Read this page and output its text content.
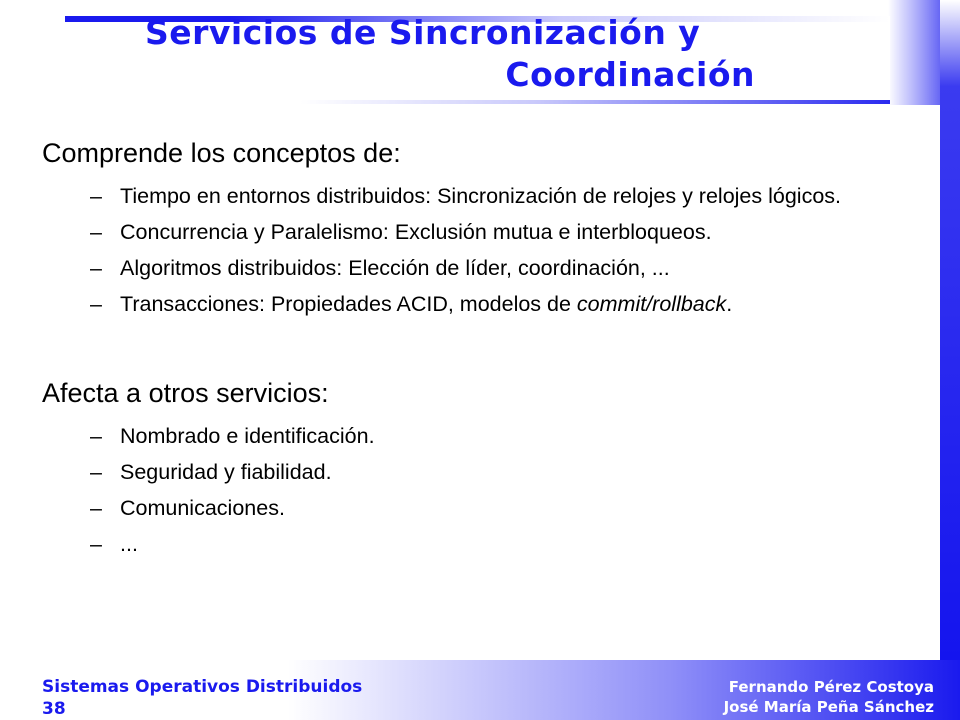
Servicios de Sincronización y
Coordinación

Comprende los conceptos de:

– Tiempo en entornos distribuidos: Sincronización de relojes y relojes lógicos.
– Concurrencia y Paralelismo: Exclusión mutua e interbloqueos.
– Algoritmos distribuidos: Elección de líder, coordinación, ...
– Transacciones: Propiedades ACID, modelos de commit/rollback.

Afecta a otros servicios:

– Nombrado e identificación.
– Seguridad y fiabilidad.
– Comunicaciones.
– ...
Sistemas Operativos Distribuidos
38
Fernando Pérez Costoya
José María Peña Sánchez
